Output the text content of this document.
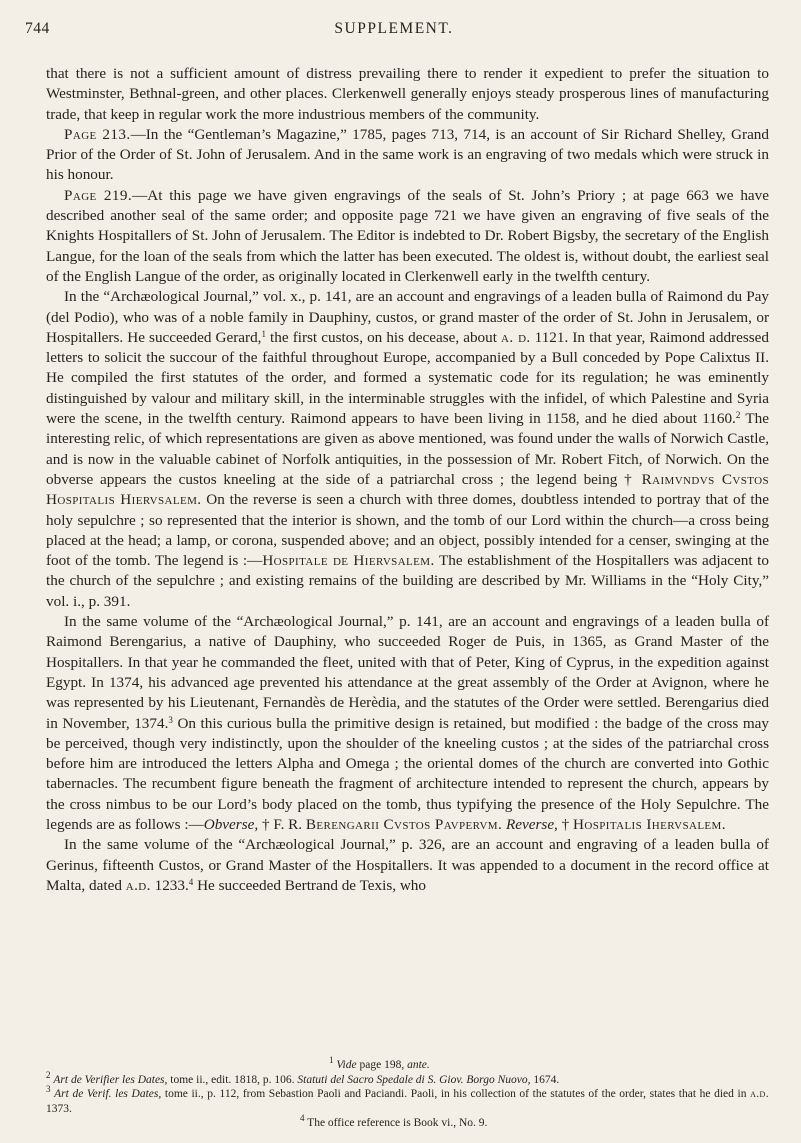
744	SUPPLEMENT.

that there is not a sufficient amount of distress prevailing there to render it expedient to prefer the situation to Westminster, Bethnal-green, and other places. Clerkenwell generally enjoys steady prosperous lines of manufacturing trade, that keep in regular work the more industrious members of the community.

Page 213.—In the “Gentleman’s Magazine,” 1785, pages 713, 714, is an account of Sir Richard Shelley, Grand Prior of the Order of St. John of Jerusalem. And in the same work is an engraving of two medals which were struck in his honour.

Page 219.—At this page we have given engravings of the seals of St. John’s Priory ; at page 663 we have described another seal of the same order; and opposite page 721 we have given an engraving of five seals of the Knights Hospitallers of St. John of Jerusalem. The Editor is indebted to Dr. Robert Bigsby, the secretary of the English Langue, for the loan of the seals from which the latter has been executed. The oldest is, without doubt, the earliest seal of the English Langue of the order, as originally located in Clerkenwell early in the twelfth century.

In the “Archæological Journal,” vol. x., p. 141, are an account and engravings of a leaden bulla of Raimond du Pay (del Podio), who was of a noble family in Dauphiny, custos, or grand master of the order of St. John in Jerusalem, or Hospitallers. He succeeded Gerard,$^1$ the first custos, on his decease, about a. d. 1121. In that year, Raimond addressed letters to solicit the succour of the faithful throughout Europe, accompanied by a Bull conceded by Pope Calixtus II. He compiled the first statutes of the order, and formed a systematic code for its regulation; he was eminently distinguished by valour and military skill, in the interminable struggles with the infidel, of which Palestine and Syria were the scene, in the twelfth century. Raimond appears to have been living in 1158, and he died about 1160.$^2$ The interesting relic, of which representations are given as above mentioned, was found under the walls of Norwich Castle, and is now in the valuable cabinet of Norfolk antiquities, in the possession of Mr. Robert Fitch, of Norwich. On the obverse appears the custos kneeling at the side of a patriarchal cross ; the legend being † Raimvndvs Cvstos Hospitalis Hiervsalem. On the reverse is seen a church with three domes, doubtless intended to portray that of the holy sepulchre ; so represented that the interior is shown, and the tomb of our Lord within the church—a cross being placed at the head; a lamp, or corona, suspended above; and an object, possibly intended for a censer, swinging at the foot of the tomb. The legend is :—Hospitale de Hiervsalem. The establishment of the Hospitallers was adjacent to the church of the sepulchre ; and existing remains of the building are described by Mr. Williams in the “Holy City,” vol. i., p. 391.

In the same volume of the “Archæological Journal,” p. 141, are an account and engravings of a leaden bulla of Raimond Berengarius, a native of Dauphiny, who succeeded Roger de Puis, in 1365, as Grand Master of the Hospitallers. In that year he commanded the fleet, united with that of Peter, King of Cyprus, in the expedition against Egypt. In 1374, his advanced age prevented his attendance at the great assembly of the Order at Avignon, where he was represented by his Lieutenant, Fernandès de Herèdia, and the statutes of the Order were settled. Berengarius died in November, 1374.$^3$ On this curious bulla the primitive design is retained, but modified : the badge of the cross may be perceived, though very indistinctly, upon the shoulder of the kneeling custos ; at the sides of the patriarchal cross before him are introduced the letters Alpha and Omega ; the oriental domes of the church are converted into Gothic tabernacles. The recumbent figure beneath the fragment of architecture intended to represent the church, appears by the cross nimbus to be our Lord’s body placed on the tomb, thus typifying the presence of the Holy Sepulchre. The legends are as follows :—Obverse, † F. R. Berengarii Cvstos Pavpervm. Reverse, † Hospitalis Ihervsalem.

In the same volume of the “Archæological Journal,” p. 326, are an account and engraving of a leaden bulla of Gerinus, fifteenth Custos, or Grand Master of the Hospitallers. It was appended to a document in the record office at Malta, dated a.d. 1233.$^4$ He succeeded Bertrand de Texis, who

$^1$ Vide page 198, ante.

$^2$ Art de Verifier les Dates, tome ii., edit. 1818, p. 106. Statuti del Sacro Spedale di S. Giov. Borgo Nuovo, 1674.

$^3$ Art de Verif. les Dates, tome ii., p. 112, from Sebastion Paoli and Paciandi. Paoli, in his collection of the statutes of the order, states that he died in a.d. 1373.

$^4$ The office reference is Book vi., No. 9.
